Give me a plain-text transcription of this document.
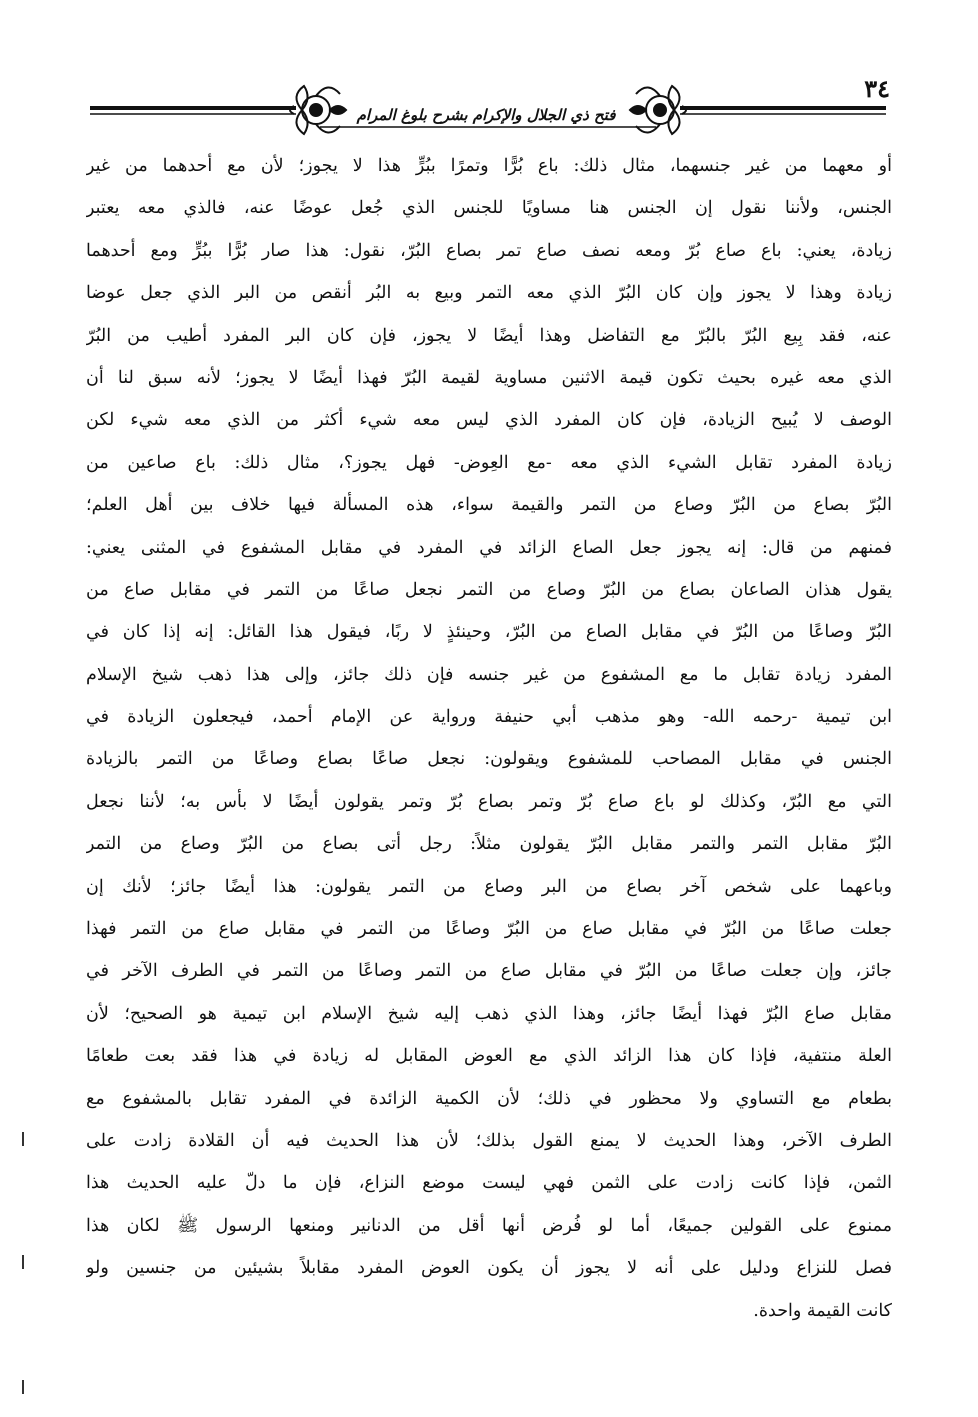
٣٤
فتح ذي الجلال والإكرام بشرح بلوغ المرام
أو معهما من غير جنسهما، مثال ذلك: باع بُرًّا وتمرًا ببُرٍّ هذا لا يجوز؛ لأن مع أحدهما من غير
الجنس، ولأننا نقول إن الجنس هنا مساويًا للجنس الذي جُعل عوضًا عنه، فالذي معه يعتبر
زيادة، يعني: باع صاع بُرّ ومعه نصف صاع تمر بصاع البُرّ، نقول: هذا صار بُرًّا ببُرٍّ ومع أحدهما
زيادة وهذا لا يجوز وإن كان البُرّ الذي معه التمر وبيع به البُر أنقص من البر الذي جعل عوضا
عنه، فقد بِيع البُرّ بالبُرّ مع التفاضل وهذا أيضًا لا يجوز، فإن كان البر المفرد أطيب من البُرّ
الذي معه غيره بحيث تكون قيمة الاثنين مساوية لقيمة البُرّ فهذا أيضًا لا يجوز؛ لأنه سبق لنا أن
الوصف لا يُبيح الزيادة، فإن كان المفرد الذي ليس معه شيء أكثر من الذي معه شيء لكن
زيادة المفرد تقابل الشيء الذي معه -مع العِوض- فهل يجوز؟، مثال ذلك: باع صاعين من
البُرّ بصاع من البُرّ وصاع من التمر والقيمة سواء، هذه المسألة فيها خلاف بين أهل العلم؛
فمنهم من قال: إنه يجوز جعل الصاع الزائد في المفرد في مقابل المشفوع في المثنى يعني:
يقول هذان الصاعان بصاع من البُرّ وصاع من التمر نجعل صاعًا من التمر في مقابل صاع من
البُرّ وصاعًا من البُرّ في مقابل الصاع من البُرّ، وحينئذٍ لا ربًا، فيقول هذا القائل: إنه إذا كان في
المفرد زيادة تقابل ما مع المشفوع من غير جنسه فإن ذلك جائز، وإلى هذا ذهب شيخ الإسلام
ابن تيمية -رحمه الله- وهو مذهب أبي حنيفة ورواية عن الإمام أحمد، فيجعلون الزيادة في
الجنس في مقابل المصاحب للمشفوع ويقولون: نجعل صاعًا بصاع وصاعًا من التمر بالزيادة
التي مع البُرّ، وكذلك لو باع صاع بُرّ وتمر بصاع بُرّ وتمر يقولون أيضًا لا بأس به؛ لأننا نجعل
البُرّ مقابل التمر والتمر مقابل البُرّ يقولون مثلاً: رجل أتى بصاع من البُرّ وصاع من التمر
وباعهما على شخص آخر بصاع من البر وصاع من التمر يقولون: هذا أيضًا جائز؛ لأنك إن
جعلت صاعًا من البُرّ في مقابل صاع من البُرّ وصاعًا من التمر في مقابل صاع من التمر فهذا
جائز، وإن جعلت صاعًا من البُرّ في مقابل صاع من التمر وصاعًا من التمر في الطرف الآخر في
مقابل صاع البُرّ فهذا أيضًا جائز، وهذا الذي ذهب إليه شيخ الإسلام ابن تيمية هو الصحيح؛ لأن
العلة منتفية، فإذا كان هذا الزائد الذي مع العوض المقابل له زيادة في هذا فقد بعت طعامًا
بطعام مع التساوي ولا محظور في ذلك؛ لأن الكمية الزائدة في المفرد تقابل بالمشفوع مع
الطرف الآخر، وهذا الحديث لا يمنع القول بذلك؛ لأن هذا الحديث فيه أن القلادة زادت على
الثمن، فإذا كانت زادت على الثمن فهي ليست موضع النزاع، فإن ما دلّ عليه الحديث هذا
ممنوع على القولين جميعًا، أما لو فُرض أنها أقل من الدنانير ومنعها الرسول ﷺ لكان هذا
فصل للنزاع ودليل على أنه لا يجوز أن يكون العوض المفرد مقابلاً بشيئين من جنسين ولو
كانت القيمة واحدة.
